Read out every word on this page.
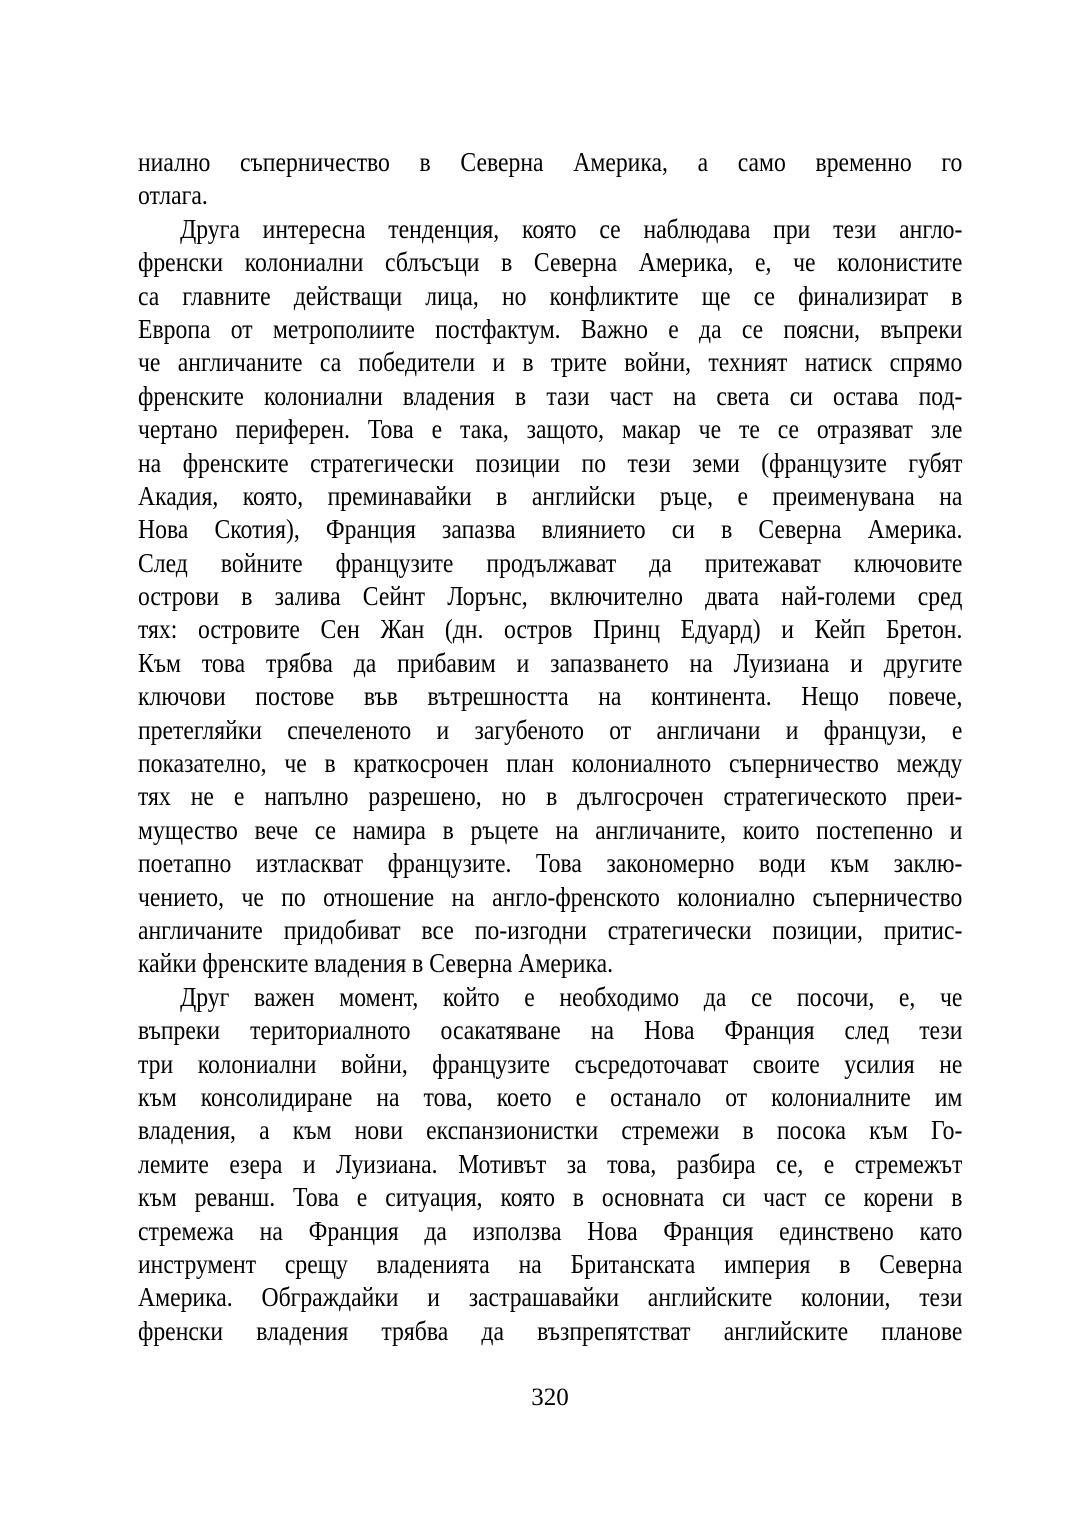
ниално съперничество в Северна Америка, а само временно го
отлага.
Друга интересна тенденция, която се наблюдава при тези англо-
френски колониални сблъсъци в Северна Америка, е, че колонистите
са главните действащи лица, но конфликтите ще се финализират в
Европа от метрополиите постфактум. Важно е да се поясни, въпреки
че англичаните са победители и в трите войни, техният натиск спрямо
френските колониални владения в тази част на света си остава под-
чертано периферен. Това е така, защото, макар че те се отразяват зле
на френските стратегически позиции по тези земи (французите губят
Акадия, която, преминавайки в английски ръце, е преименувана на
Нова Скотия), Франция запазва влиянието си в Северна Америка.
След войните французите продължават да притежават ключовите
острови в залива Сейнт Лорънс, включително двата най-големи сред
тях: островите Сен Жан (дн. остров Принц Едуард) и Кейп Бретон.
Към това трябва да прибавим и запазването на Луизиана и другите
ключови постове във вътрешността на континента. Нещо повече,
претегляйки спечеленото и загубеното от англичани и французи, е
показателно, че в краткосрочен план колониалното съперничество между
тях не е напълно разрешено, но в дългосрочен стратегическото преи-
мущество вече се намира в ръцете на англичаните, които постепенно и
поетапно изтласкват французите. Това закономерно води към заклю-
чението, че по отношение на англо-френското колониално съперничество
англичаните придобиват все по-изгодни стратегически позиции, притис-
кайки френските владения в Северна Америка.
Друг важен момент, който е необходимо да се посочи, е, че
въпреки териториалното осакатяване на Нова Франция след тези
три колониални войни, французите съсредоточават своите усилия не
към консолидиране на това, което е останало от колониалните им
владения, а към нови експанзионистки стремежи в посока към Го-
лемите езера и Луизиана. Мотивът за това, разбира се, е стремежът
към реванш. Това е ситуация, която в основната си част се корени в
стремежа на Франция да използва Нова Франция единствено като
инструмент срещу владенията на Британската империя в Северна
Америка. Обграждайки и застрашавайки английските колонии, тези
френски владения трябва да възпрепятстват английските планове
320
